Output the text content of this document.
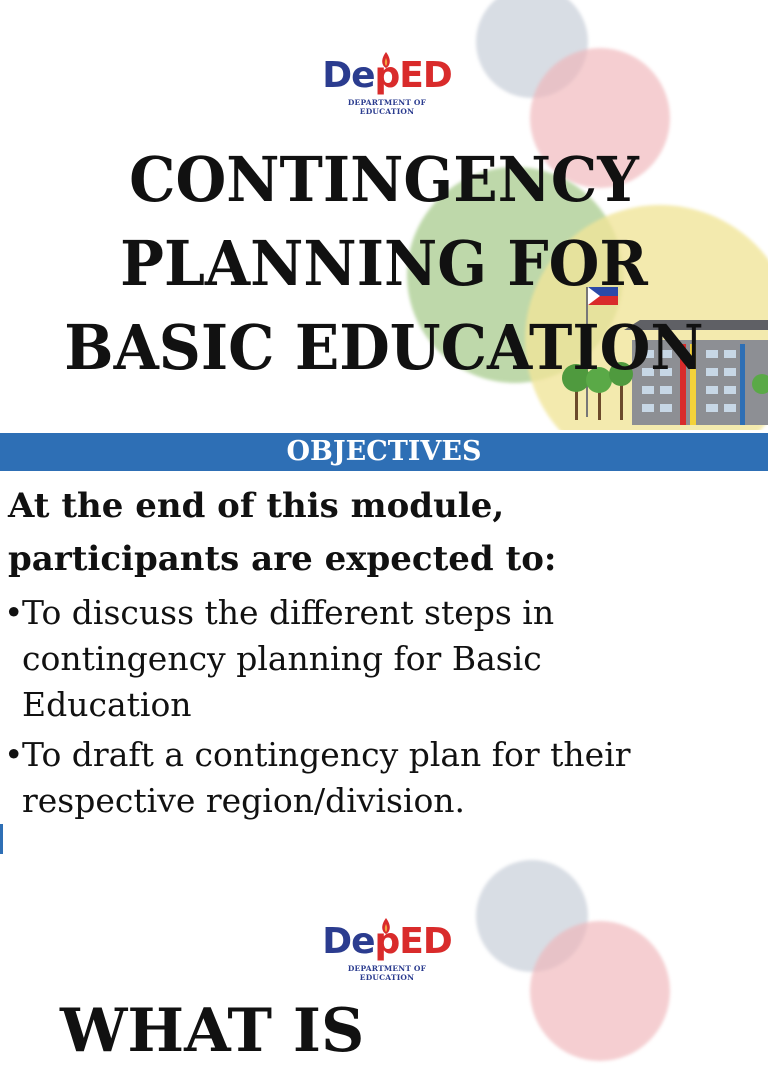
DepED
DEPARTMENT OF EDUCATION
CONTINGENCY
PLANNING FOR
BASIC EDUCATION
OBJECTIVES
At the end of this module,
participants are expected to:
•
To discuss the different steps in
contingency planning for Basic
Education
•
To draft a contingency plan for their
respective region/division.
DepED
DEPARTMENT OF EDUCATION
WHAT IS
